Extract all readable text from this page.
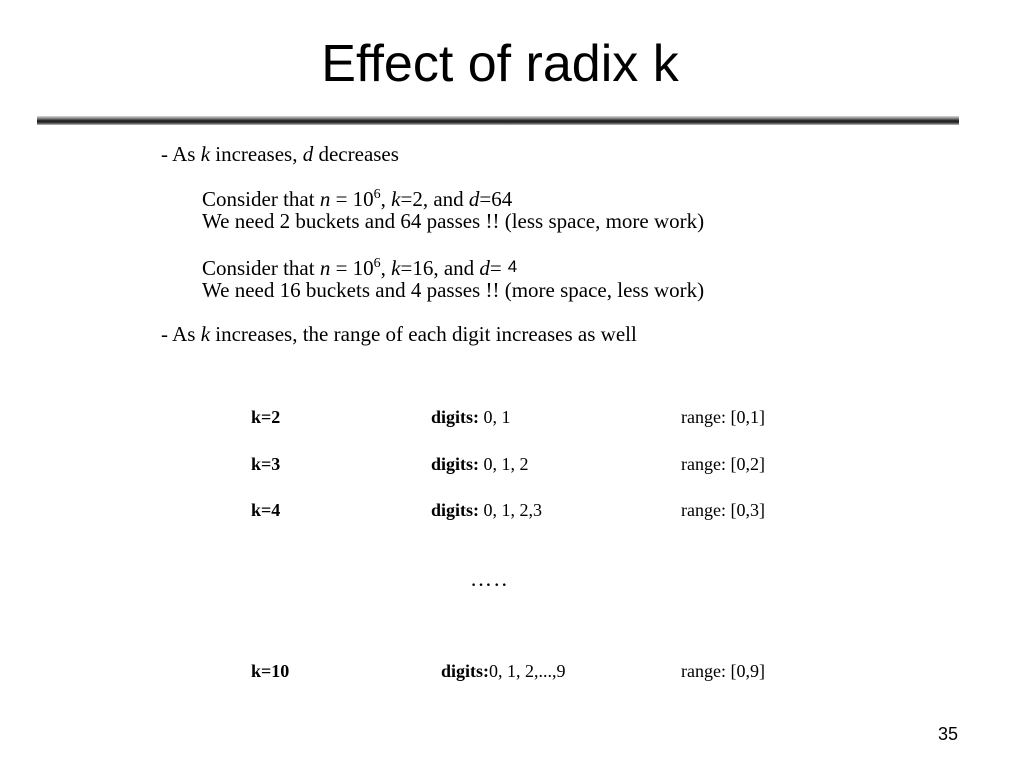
Effect of radix k
- As k increases, d decreases
Consider that $n = 10^6$, k=2, and d=64
We need 2 buckets and 64 passes !! (less space, more work)
Consider that $n = 10^6$, k=16, and d= 4
We need 16 buckets and 4 passes !! (more space, less work)
- As k increases, the range of each digit increases as well
k=2	digits: 0, 1	range: [0,1]
k=3	digits: 0, 1, 2	range: [0,2]
k=4	digits: 0, 1, 2,3	range: [0,3]
…..
k=10	digits:0, 1, 2,...,9	range: [0,9]
35
